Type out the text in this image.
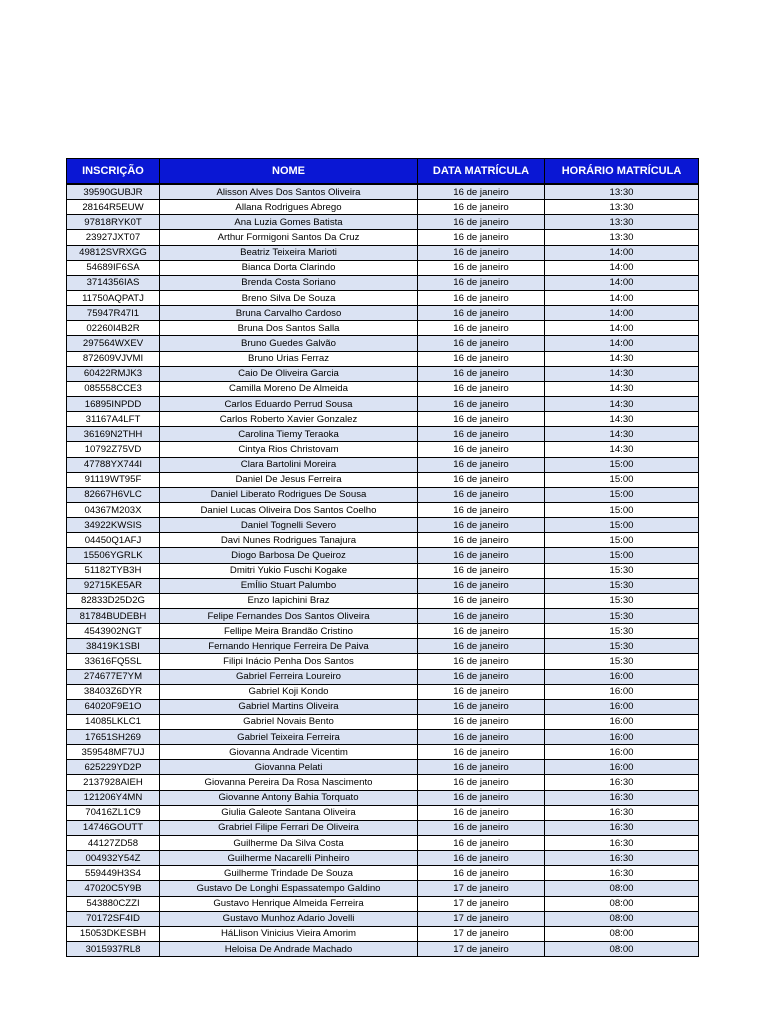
INSCRIÇÃO	NOME	DATA MATRÍCULA	HORÁRIO MATRÍCULA
39590GUBJR	Alisson Alves Dos Santos Oliveira	16 de janeiro	13:30
28164R5EUW	Allana Rodrigues Abrego	16 de janeiro	13:30
97818RYK0T	Ana Luzia Gomes Batista	16 de janeiro	13:30
23927JXT07	Arthur Formigoni Santos Da Cruz	16 de janeiro	13:30
49812SVRXGG	Beatriz Teixeira Marioti	16 de janeiro	14:00
54689IF6SA	Bianca Dorta Clarindo	16 de janeiro	14:00
3714356IAS	Brenda Costa Soriano	16 de janeiro	14:00
11750AQPATJ	Breno Silva De Souza	16 de janeiro	14:00
75947R47I1	Bruna Carvalho Cardoso	16 de janeiro	14:00
02260I4B2R	Bruna Dos Santos Salla	16 de janeiro	14:00
297564WXEV	Bruno Guedes Galvão	16 de janeiro	14:00
872609VJVMI	Bruno Urias Ferraz	16 de janeiro	14:30
60422RMJK3	Caio De Oliveira Garcia	16 de janeiro	14:30
085558CCE3	Camilla Moreno De Almeida	16 de janeiro	14:30
16895INPDD	Carlos Eduardo Perrud Sousa	16 de janeiro	14:30
31167A4LFT	Carlos Roberto Xavier Gonzalez	16 de janeiro	14:30
36169N2THH	Carolina Tiemy Teraoka	16 de janeiro	14:30
10792Z75VD	Cintya Rios Christovam	16 de janeiro	14:30
47788YX744I	Clara Bartolini Moreira	16 de janeiro	15:00
91119WT95F	Daniel De Jesus Ferreira	16 de janeiro	15:00
82667H6VLC	Daniel Liberato Rodrigues De Sousa	16 de janeiro	15:00
04367M203X	Daniel Lucas Oliveira Dos Santos Coelho	16 de janeiro	15:00
34922KWSIS	Daniel Tognelli Severo	16 de janeiro	15:00
04450Q1AFJ	Davi Nunes Rodrigues Tanajura	16 de janeiro	15:00
15506YGRLK	Diogo Barbosa De Queiroz	16 de janeiro	15:00
51182TYB3H	Dmitri Yukio Fuschi Kogake	16 de janeiro	15:30
92715KE5AR	EmÍlio Stuart Palumbo	16 de janeiro	15:30
82833D25D2G	Enzo Iapichini Braz	16 de janeiro	15:30
81784BUDEBH	Felipe Fernandes Dos Santos Oliveira	16 de janeiro	15:30
4543902NGT	Fellipe Meira Brandão Cristino	16 de janeiro	15:30
38419K1SBI	Fernando Henrique Ferreira De Paiva	16 de janeiro	15:30
33616FQ5SL	Filipi Inácio Penha Dos Santos	16 de janeiro	15:30
274677E7YM	Gabriel Ferreira Loureiro	16 de janeiro	16:00
38403Z6DYR	Gabriel Koji Kondo	16 de janeiro	16:00
64020F9E1O	Gabriel Martins Oliveira	16 de janeiro	16:00
14085LKLC1	Gabriel Novais Bento	16 de janeiro	16:00
17651SH269	Gabriel Teixeira Ferreira	16 de janeiro	16:00
359548MF7UJ	Giovanna Andrade Vicentim	16 de janeiro	16:00
625229YD2P	Giovanna Pelati	16 de janeiro	16:00
2137928AIEH	Giovanna Pereira Da Rosa Nascimento	16 de janeiro	16:30
121206Y4MN	Giovanne Antony Bahia Torquato	16 de janeiro	16:30
70416ZL1C9	Giulia Galeote Santana Oliveira	16 de janeiro	16:30
14746GOUTT	Grabriel Filipe Ferrari De Oliveira	16 de janeiro	16:30
44127ZD58	Guilherme Da Silva Costa	16 de janeiro	16:30
004932Y54Z	Guilherme Nacarelli Pinheiro	16 de janeiro	16:30
559449H3S4	Guilherme Trindade De Souza	16 de janeiro	16:30
47020C5Y9B	Gustavo De Longhi Espassatempo Galdino	17 de janeiro	08:00
543880CZZI	Gustavo Henrique Almeida Ferreira	17 de janeiro	08:00
70172SF4ID	Gustavo Munhoz Adario Jovelli	17 de janeiro	08:00
15053DKESBH	HáLlison Vinicius Vieira Amorim	17 de janeiro	08:00
3015937RL8	Heloisa De Andrade Machado	17 de janeiro	08:00
